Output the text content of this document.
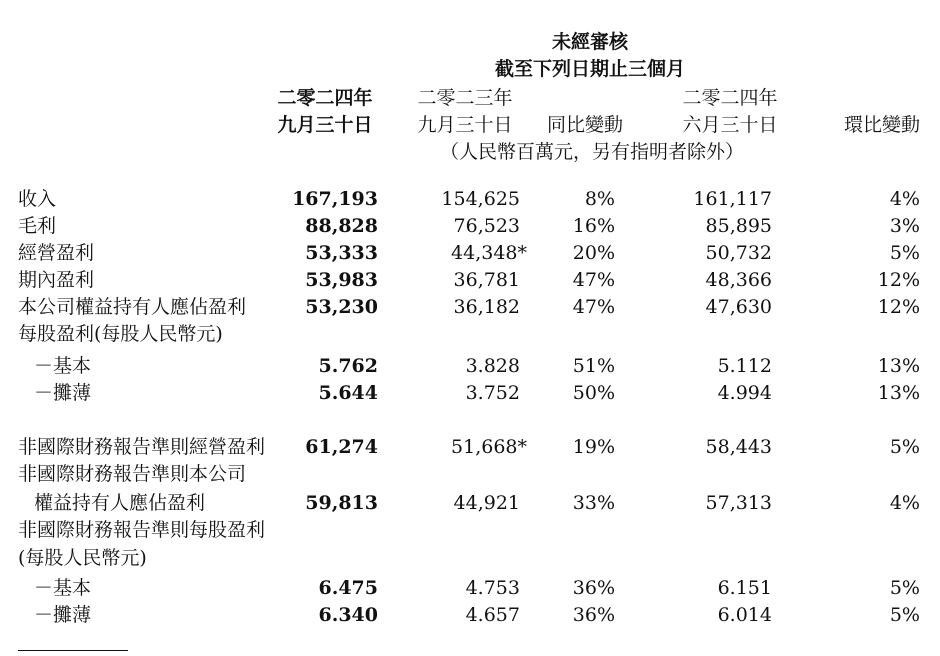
未經審核
截至下列日期止三個月
二零二四年
九月三十日
二零二三年
九月三十日	同比變動
二零二四年
六月三十日	環比變動
（人民幣百萬元，另有指明者除外）
收入	167,193	154,625	8%	161,117	4%
毛利	88,828	76,523	16%	85,895	3%
經營盈利	53,333	44,348* 20%	50,732	5%
期內盈利	53,983	36,781	47%	48,366	12%
本公司權益持有人應佔盈利	53,230	36,182	47%	47,630	12%
每股盈利(每股人民幣元)
－基本	5.762	3.828	51%	5.112	13%
－攤薄	5.644	3.752	50%	4.994	13%
非國際財務報告準則經營盈利 61,274	51,668* 19%	58,443	5%
非國際財務報告準則本公司
權益持有人應佔盈利	59,813	44,921	33%	57,313	4%
非國際財務報告準則每股盈利
(每股人民幣元)
－基本	6.475	4.753	36%	6.151	5%
－攤薄	6.340	4.657	36%	6.014	5%
